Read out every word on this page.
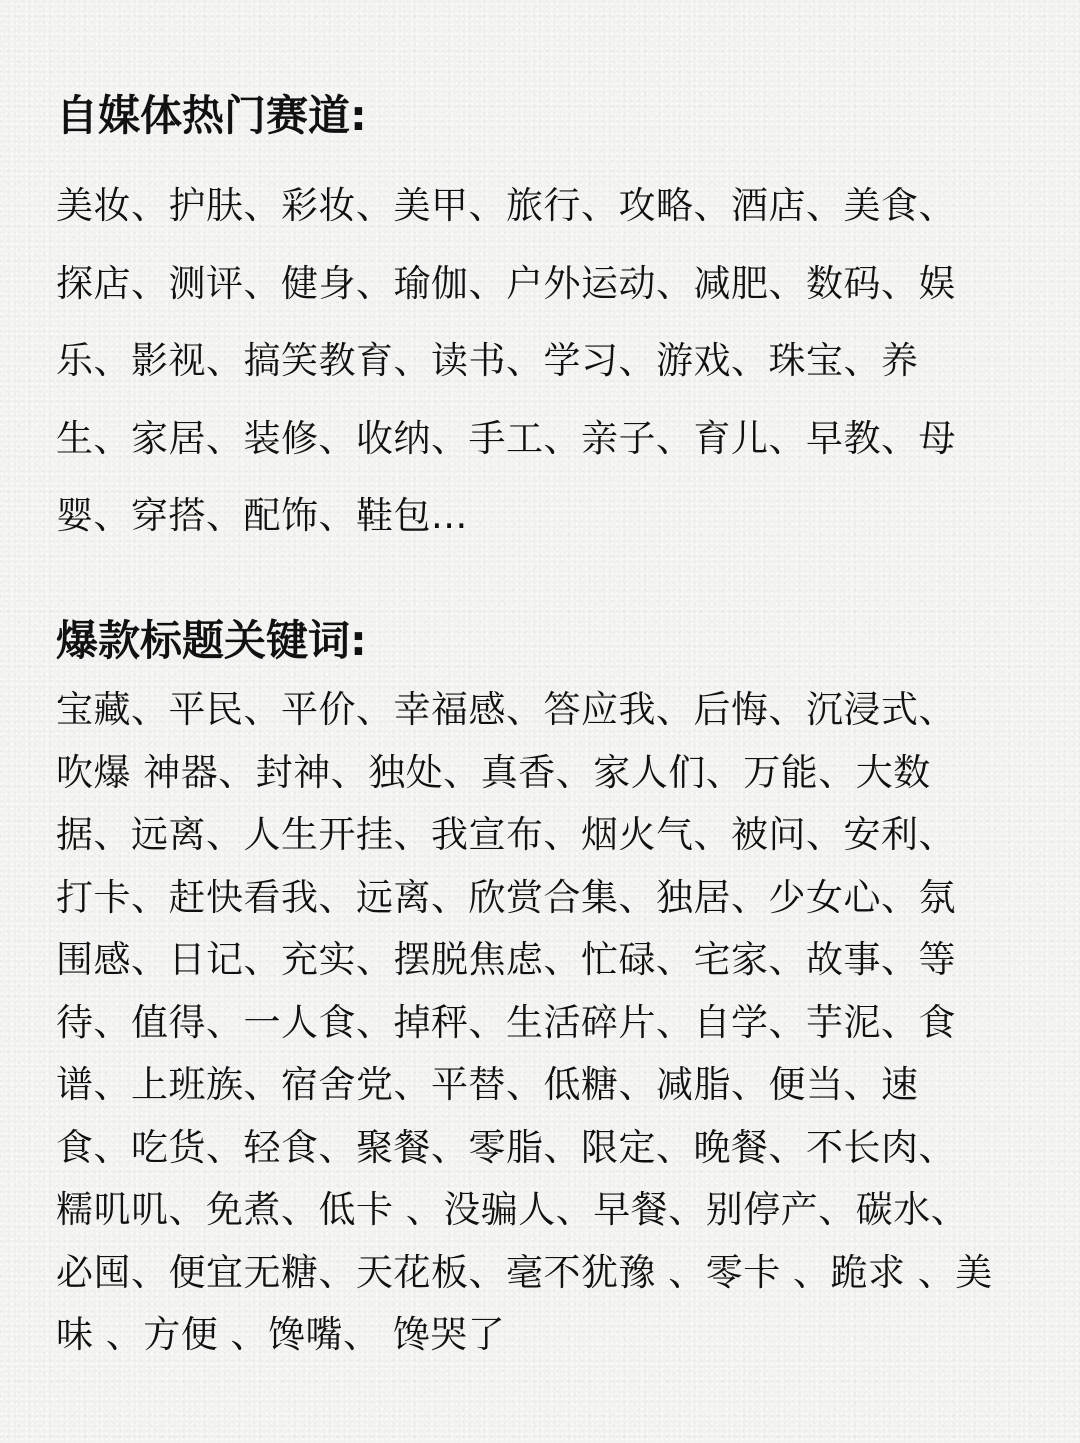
自媒体热门赛道:
美妆、护肤、彩妆、美甲、旅行、攻略、酒店、美食、
探店、测评、健身、瑜伽、户外运动、减肥、数码、娱
乐、影视、搞笑教育、读书、学习、游戏、珠宝、养
生、家居、装修、收纳、手工、亲子、育儿、早教、母
婴、穿搭、配饰、鞋包...
爆款标题关键词:
宝藏、平民、平价、幸福感、答应我、后悔、沉浸式、
吹爆 神器、封神、独处、真香、家人们、万能、大数
据、远离、人生开挂、我宣布、烟火气、被问、安利、
打卡、赶快看我、远离、欣赏合集、独居、少女心、氛
围感、日记、充实、摆脱焦虑、忙碌、宅家、故事、等
待、值得、一人食、掉秤、生活碎片、自学、芋泥、食
谱、上班族、宿舍党、平替、低糖、减脂、便当、速
食、吃货、轻食、聚餐、零脂、限定、晚餐、不长肉、
糯叽叽、免煮、低卡 、没骗人、早餐、别停产、碳水、
必囤、便宜无糖、天花板、毫不犹豫 、零卡 、跪求 、美
味 、方便 、馋嘴、 馋哭了
